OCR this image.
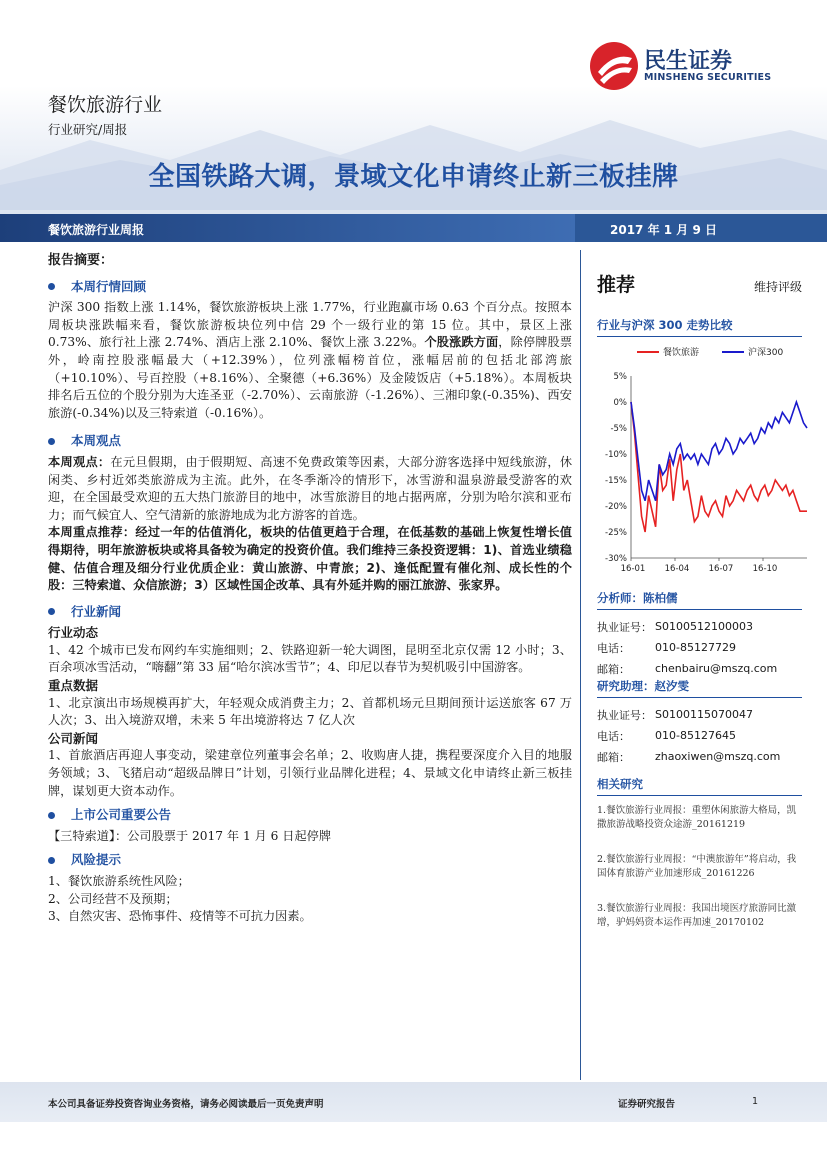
餐饮旅游行业
行业研究/周报
全国铁路大调，景域文化申请终止新三板挂牌
民生证券
MINSHENG SECURITIES
餐饮旅游行业周报	2017 年 1 月 9 日
报告摘要：
本周行情回顾
沪深 300 指数上涨 1.14%，餐饮旅游板块上涨 1.77%，行业跑赢市场 0.63 个百分点。按照本周板块涨跌幅来看，餐饮旅游板块位列中信 29 个一级行业的第 15 位。其中，景区上涨 0.73%、旅行社上涨 2.74%、酒店上涨 2.10%、餐饮上涨 3.22%。个股涨跌方面，除停牌股票外，岭南控股涨幅最大（+12.39%），位列涨幅榜首位，涨幅居前的包括北部湾旅（+10.10%）、号百控股（+8.16%）、全聚德（+6.36%）及金陵饭店（+5.18%）。本周板块排名后五位的个股分别为大连圣亚（-2.70%）、云南旅游（-1.26%）、三湘印象(-0.35%)、西安旅游(-0.34%)以及三特索道（-0.16%）。
本周观点
本周观点：在元旦假期，由于假期短、高速不免费政策等因素，大部分游客选择中短线旅游，休闲类、乡村近郊类旅游成为主流。此外，在冬季渐冷的情形下，冰雪游和温泉游最受游客的欢迎，在全国最受欢迎的五大热门旅游目的地中，冰雪旅游目的地占据两席，分别为哈尔滨和亚布力；而气候宜人、空气清新的旅游地成为北方游客的首选。
本周重点推荐：经过一年的估值消化，板块的估值更趋于合理，在低基数的基础上恢复性增长值得期待，明年旅游板块或将具备较为确定的投资价值。我们维持三条投资逻辑：1)、首选业绩稳健、估值合理及细分行业优质企业：黄山旅游、中青旅；2)、逢低配置有催化剂、成长性的个股：三特索道、众信旅游；3）区域性国企改革、具有外延并购的丽江旅游、张家界。
行业新闻
行业动态
1、42 个城市已发布网约车实施细则；2、铁路迎新一轮大调图，昆明至北京仅需 12 小时；3、百余项冰雪活动，“嗨翻”第 33 届“哈尔滨冰雪节”；4、印尼以春节为契机吸引中国游客。
重点数据
1、北京演出市场规模再扩大，年轻观众成消费主力；2、首都机场元旦期间预计运送旅客 67 万人次；3、出入境游双增，未来 5 年出境游将达 7 亿人次
公司新闻
1、首旅酒店再迎人事变动，梁建章位列董事会名单；2、收购唐人捷，携程要深度介入目的地服务领域；3、飞猪启动“超级品牌日”计划，引领行业品牌化进程；4、景域文化申请终止新三板挂牌，谋划更大资本动作。
上市公司重要公告
【三特索道】：公司股票于 2017 年 1 月 6 日起停牌
风险提示
1、餐饮旅游系统性风险；
2、公司经营不及预期；
3、自然灾害、恐怖事件、疫情等不可抗力因素。
推荐	维持评级
行业与沪深 300 走势比较
5%
0%
-5%
-10%
-15%
-20%
-25%
-30%
16-01 16-04 16-07 16-10
餐饮旅游	沪深300
分析师：陈柏儒
执业证号： S0100512100003
电话：	010-85127729
邮箱：	chenbairu@mszq.com
研究助理：赵汐雯
执业证号： S0100115070047
电话：	010-85127645
邮箱：	zhaoxiwen@mszq.com
相关研究
1.餐饮旅游行业周报：重塑休闲旅游大格局，凯撒旅游战略投资众途游_20161219
2.餐饮旅游行业周报：“中澳旅游年”将启动，我国体育旅游产业加速形成_20161226
3.餐饮旅游行业周报：我国出境医疗旅游同比激增，驴妈妈资本运作再加速_20170102
本公司具备证券投资咨询业务资格，请务必阅读最后一页免责声明	证券研究报告	1
